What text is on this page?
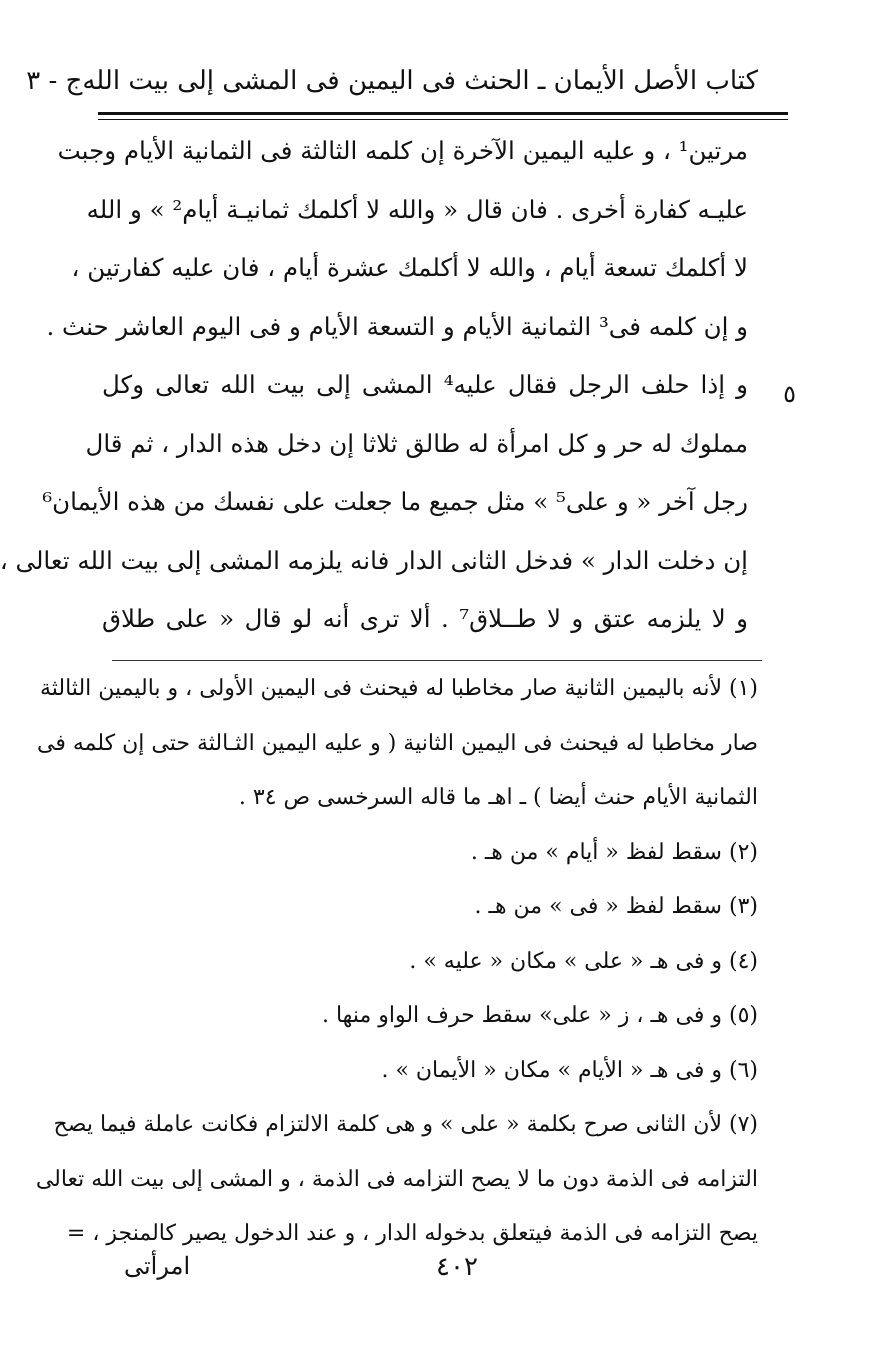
كتاب الأصل الأيمان ـ الحنث فى اليمين فى المشى إلى بيت الله
ج - ٣
مرتين¹ ، و عليه اليمين الآخرة إن كلمه الثالثة فى الثمانية الأيام وجبت
عليـه كفارة أخرى . فان قال « والله لا أكلمك ثمانيـة أيام² » و الله
لا أكلمك تسعة أيام ، والله لا أكلمك عشرة أيام ، فان عليه كفارتين ،
و إن كلمه فى³ الثمانية الأيام و التسعة الأيام و فى اليوم العاشر حنث .
و إذا حلف الرجل فقال عليه⁴ المشى إلى بيت الله تعالى وكل
مملوك له حر و كل امرأة له طالق ثلاثا إن دخل هذه الدار ، ثم قال
رجل آخر « و على⁵ » مثل جميع ما جعلت على نفسك من هذه الأيمان⁶
إن دخلت الدار » فدخل الثانى الدار فانه يلزمه المشى إلى بيت الله تعالى ،
و لا يلزمه عتق و لا طــلاق⁷ . ألا ترى أنه لو قال « على طلاق
٥
(١) لأنه باليمين الثانية صار مخاطبا له فيحنث فى اليمين الأولى ، و باليمين الثالثة
صار مخاطبا له فيحنث فى اليمين الثانية ( و عليه اليمين الثـالثة حتى إن كلمه فى
الثمانية الأيام حنث أيضا ) ـ اهـ ما قاله السرخسى ص ٣٤ .
(٢) سقط لفظ « أيام » من هـ .
(٣) سقط لفظ « فى » من هـ .
(٤) و فى هـ « على » مكان « عليه » .
(٥) و فى هـ ، ز « على» سقط حرف الواو منها .
(٦) و فى هـ « الأيام » مكان « الأيمان » .
(٧) لأن الثانى صرح بكلمة « على » و هى كلمة الالتزام فكانت عاملة فيما يصح
التزامه فى الذمة دون ما لا يصح التزامه فى الذمة ، و المشى إلى بيت الله تعالى
يصح التزامه فى الذمة فيتعلق بدخوله الدار ، و عند الدخول يصير كالمنجز ، =
٤٠٢
امرأتى
